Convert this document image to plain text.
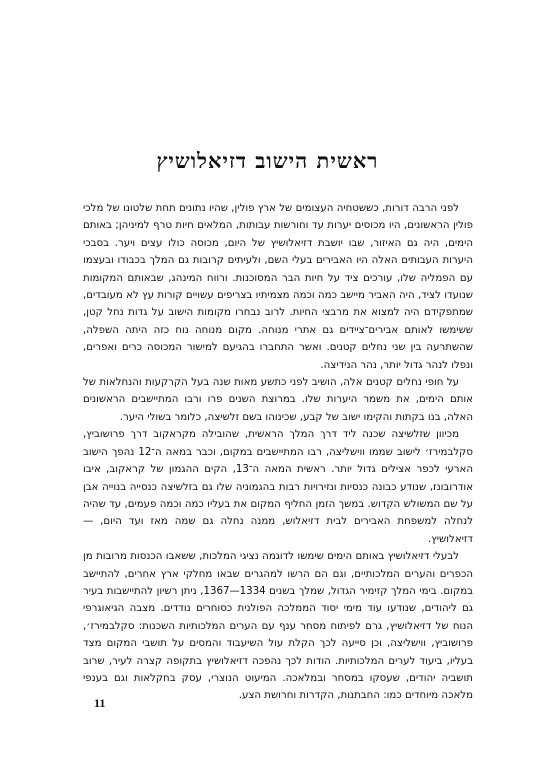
ראשית הישוב דזיאלושיץ

לפני הרבה דורות, כששטחיה העצומים של ארץ פולין, שהיו נתונים תחת שלטונו של מלכי פולין הראשונים, היו מכוסים יערות עד וחורשות עבותות, המלאים חיות טרף למיניהן; באותם הימים, היה גם האיזור, שבו יושבת דזיאלושיץ של היום, מכוסה כולו עצים ויער. בסבכי היערות העבותים האלה היו האבירים בעלי השם, ולעיתים קרובות גם המלך בכבודו ובעצמו עם הפמליה שלו, עורכים ציד על חיות הבר המסוכנות. ורווח המינהג, שבאותם המקומות שנועדו לציד, היה האביר מיישב כמה וכמה מצמיתיו בצריפים עשויים קורות עץ לא מעובדים, שמתפקידם היה למצוא את מרבצי החיות. לרוב נבחרו מקומות הישוב על גדות נחל קטן, ששימשו לאותם אבירים־ציידים גם אתרי מנוחה. מקום מנוחה נוח כזה היתה השפלה, שהשתרעה בין שני נחלים קטנים. ואשר התחברו בהגיעם למישור המכוסה כרים ואפרים, ונפלו לנהר גדול יותר, נהר הנידיצה.

על חופי נחלים קטנים אלה, הושיב לפני כתשע מאות שנה בעל הקרקעות והנחלאות של אותם הימים, את משמר היערות שלו. במרוצת השנים פרו ורבו המתיישבים הראשונים האלה, בנו בקתות והקימו ישוב של קבע, שכינוהו בשם זלשיצה, כלומר בשולי היער.

מכיוון שזלשיצה שכנה ליד דרך המלך הראשית, שהובילה מקראקוב דרך פרושוביץ, סקלבמירז׳ לישוב שממו ווישליצה, רבו המתיישבים במקום, וכבר במאה ה־12 נהפך הישוב הארעי לכפר אצילים גדול יותר. ראשית המאה ה־13, הקים ההגמון של קראקוב, איבו אודרובונז, שנודע כבונה כנסיות ונזירויות רבות בהגמוניה שלו גם בזלשיצה כנסייה בנוייה אבן על שם המשולש הקדוש. במשך הזמן החליף המקום את בעליו כמה וכמה פעמים, עד שהיה לנחלה למשפחת האבירים לבית דזיאלוש, ממנה נחלה גם שמה מאז ועד היום, — דזיאלושיץ.

לבעלי דזיאלושיץ באותם הימים שימשו לדוגמה נציגי המלכות, ששאבו הכנסות מרובות מן הכפרים והערים המלכותיים, וגם הם הרשו למהגרים שבאו מחלקי ארץ אחרים, להתיישב במקום. בימי המלך קזימיר הגדול, שמלך בשנים 1334—1367, ניתן רשיון להתיישבות בעיר גם ליהודים, שנודעו עוד מימי יסוד הממלכה הפולנית כסוחרים נודדים. מצבה הגיאוגרפי הנוח של דזיאלושיץ, גרם לפיתוח מסחר ענף עם הערים המלכותיות השכנות: סקלבמירז׳, פרושוביץ, ווישליצה, וכן סייעה לכך הקלת עול השיעבוד והמסים על תושבי המקום מצד בעליו, ביעוד לערים המלכותיות. הודות לכך נהפכה דזיאלושיץ בתקופה קצרה לעיר, שרוב תושביה יהודים, שעסקו במסחר ובמלאכה. המיעוט הנוצרי, עסק בחקלאות וגם בענפי מלאכה מיוחדים כמו: החבתנות, הקדרות וחרושת הצע.

11
